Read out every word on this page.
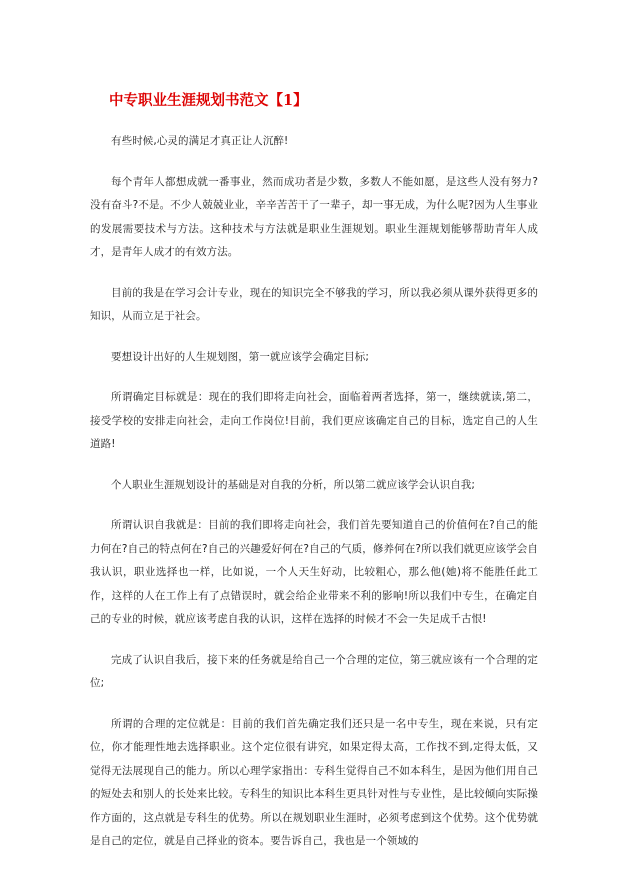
中专职业生涯规划书范文【1】

有些时候,心灵的满足才真正让人沉醉!

每个青年人都想成就一番事业，然而成功者是少数，多数人不能如愿，是这些人没有努力?没有奋斗?不是。不少人兢兢业业，辛辛苦苦干了一辈子，却一事无成，为什么呢?因为人生事业的发展需要技术与方法。这种技术与方法就是职业生涯规划。职业生涯规划能够帮助青年人成才，是青年人成才的有效方法。

目前的我是在学习会计专业，现在的知识完全不够我的学习，所以我必须从课外获得更多的知识，从而立足于社会。

要想设计出好的人生规划图，第一就应该学会确定目标;

所谓确定目标就是：现在的我们即将走向社会，面临着两者选择，第一，继续就读,第二，接受学校的安排走向社会，走向工作岗位!目前，我们更应该确定自己的目标，选定自己的人生道路!

个人职业生涯规划设计的基础是对自我的分析，所以第二就应该学会认识自我;

所谓认识自我就是：目前的我们即将走向社会，我们首先要知道自己的价值何在?自己的能力何在?自己的特点何在?自己的兴趣爱好何在?自己的气质，修养何在?所以我们就更应该学会自我认识，职业选择也一样，比如说，一个人天生好动，比较粗心，那么他(她)将不能胜任此工作，这样的人在工作上有了点错误时，就会给企业带来不利的影响!所以我们中专生，在确定自己的专业的时候，就应该考虑自我的认识，这样在选择的时候才不会一失足成千古恨!

完成了认识自我后，接下来的任务就是给自己一个合理的定位，第三就应该有一个合理的定位;

所谓的合理的定位就是：目前的我们首先确定我们还只是一名中专生，现在来说，只有定位，你才能理性地去选择职业。这个定位很有讲究，如果定得太高，工作找不到,定得太低，又觉得无法展现自己的能力。所以心理学家指出：专科生觉得自己不如本科生，是因为他们用自己的短处去和别人的长处来比较。专科生的知识比本科生更具针对性与专业性，是比较倾向实际操作方面的，这点就是专科生的优势。所以在规划职业生涯时，必须考虑到这个优势。这个优势就是自己的定位，就是自己择业的资本。要告诉自己，我也是一个领域的
